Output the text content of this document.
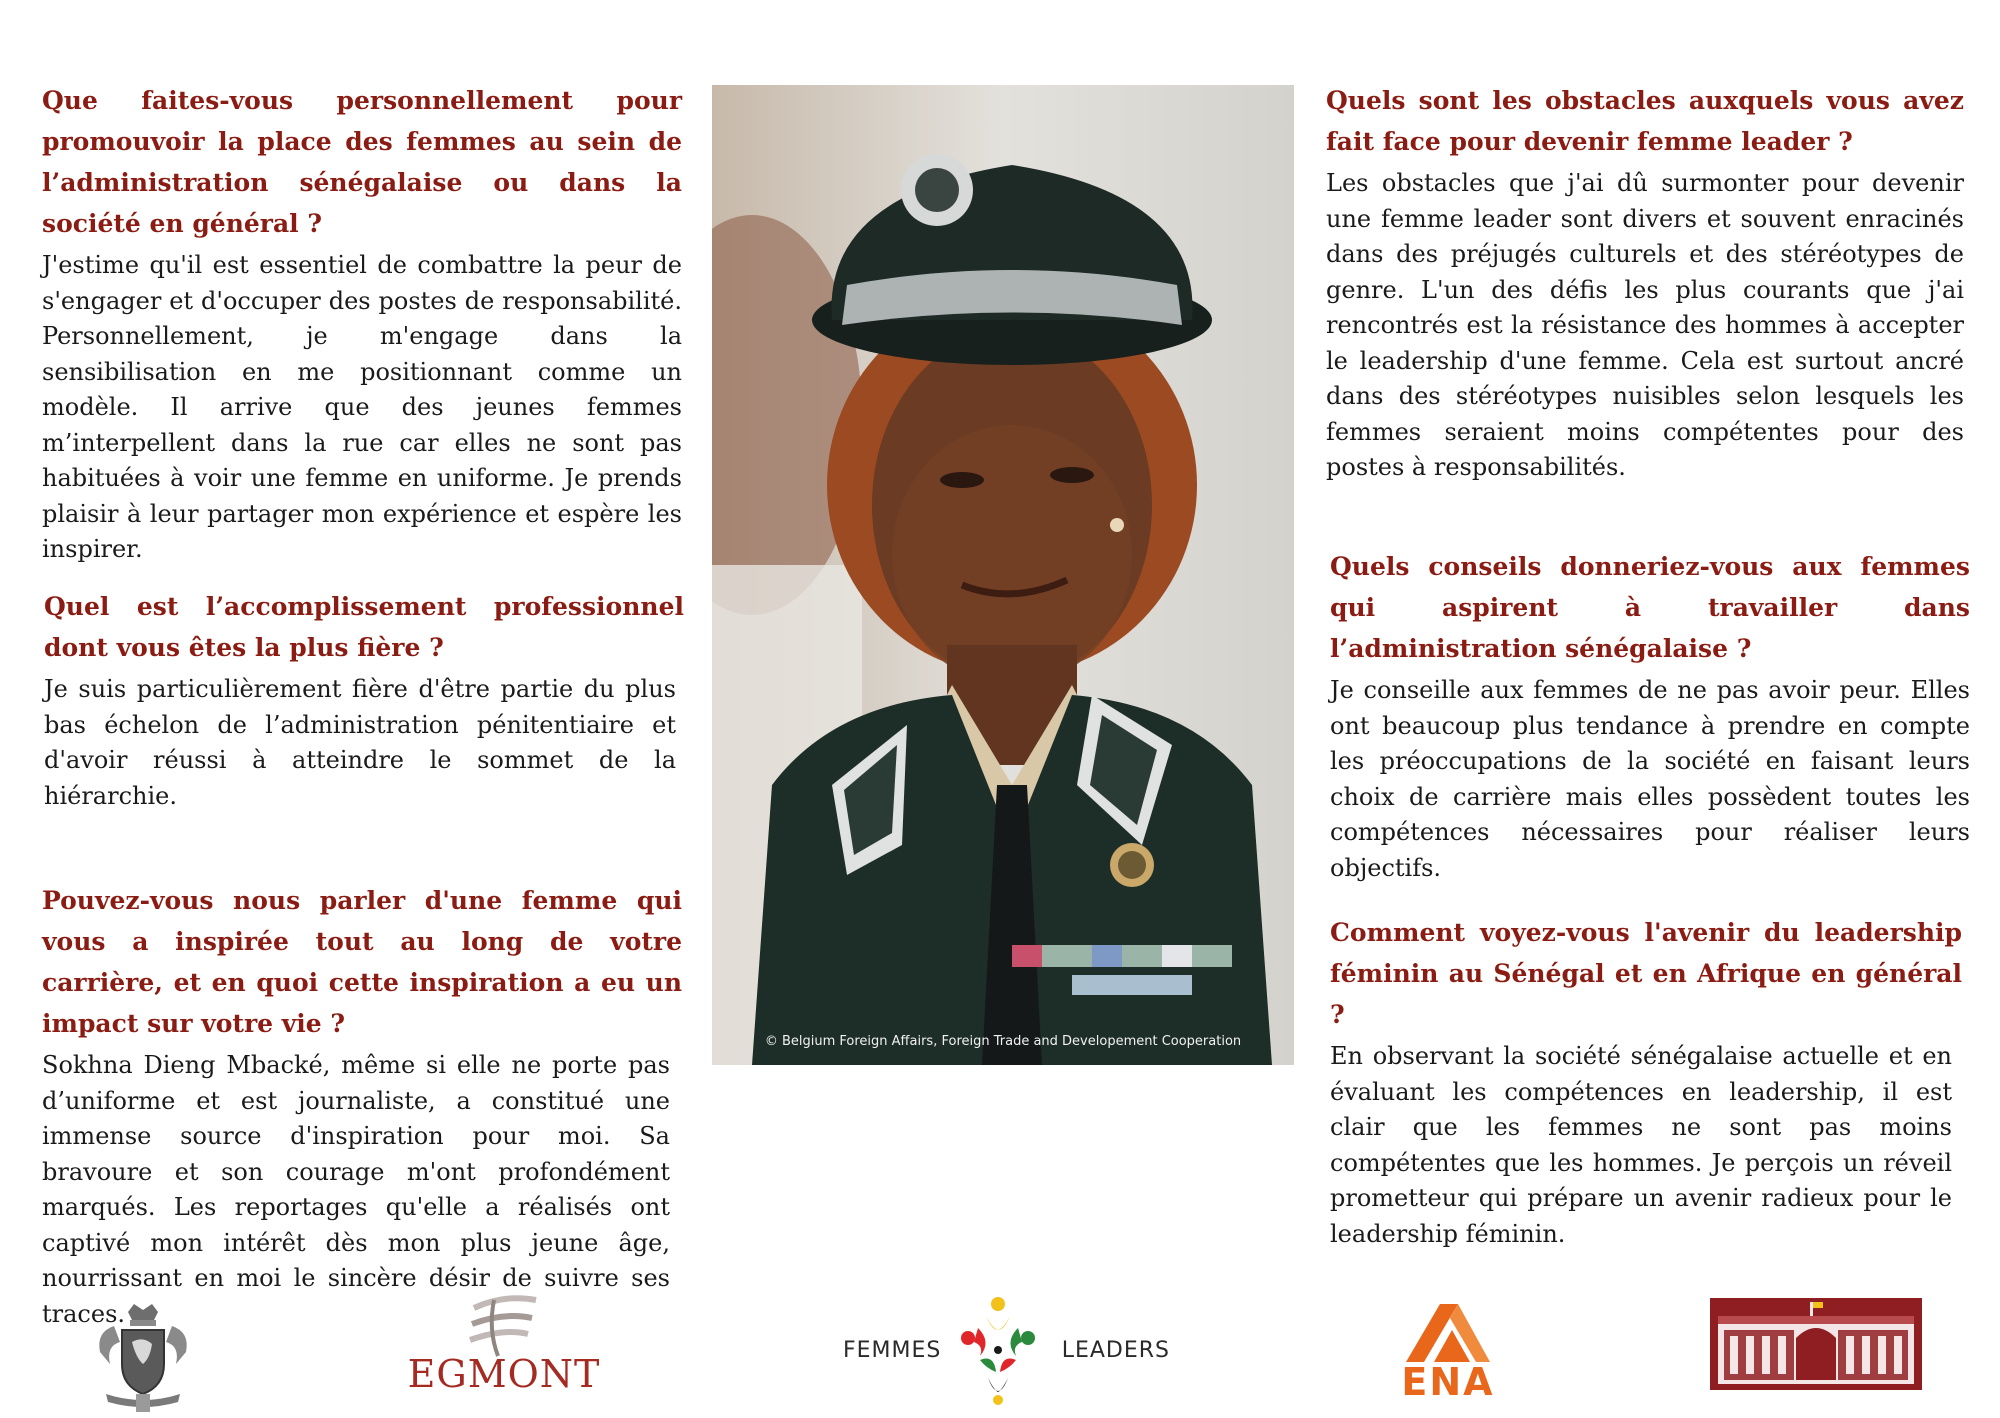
Que faites-vous personnellement pour promouvoir la place des femmes au sein de l’administration sénégalaise ou dans la société en général ?

J'estime qu'il est essentiel de combattre la peur de s'engager et d'occuper des postes de responsabilité. Personnellement, je m'engage dans la sensibilisation en me positionnant comme un modèle. Il arrive que des jeunes femmes m’interpellent dans la rue car elles ne sont pas habituées à voir une femme en uniforme. Je prends plaisir à leur partager mon expérience et espère les inspirer.

Quel est l’accomplissement professionnel dont vous êtes la plus fière ?

Je suis particulièrement fière d'être partie du plus bas échelon de l’administration pénitentiaire et d'avoir réussi à atteindre le sommet de la hiérarchie.

Pouvez-vous nous parler d'une femme qui vous a inspirée tout au long de votre carrière, et en quoi cette inspiration a eu un impact sur votre vie ?

Sokhna Dieng Mbacké, même si elle ne porte pas d’uniforme et est journaliste, a constitué une immense source d'inspiration pour moi. Sa bravoure et son courage m'ont profondément marqués. Les reportages qu'elle a réalisés ont captivé mon intérêt dès mon plus jeune âge, nourrissant en moi le sincère désir de suivre ses traces.

© Belgium Foreign Affairs, Foreign Trade and Developement Cooperation

Quels sont les obstacles auxquels vous avez fait face pour devenir femme leader ?

Les obstacles que j'ai dû surmonter pour devenir une femme leader sont divers et souvent enracinés dans des préjugés culturels et des stéréotypes de genre. L'un des défis les plus courants que j'ai rencontrés est la résistance des hommes à accepter le leadership d'une femme. Cela est surtout ancré dans des stéréotypes nuisibles selon lesquels les femmes seraient moins compétentes pour des postes à responsabilités.

Quels conseils donneriez-vous aux femmes qui aspirent à travailler dans l’administration sénégalaise ?

Je conseille aux femmes de ne pas avoir peur. Elles ont beaucoup plus tendance à prendre en compte les préoccupations de la société en faisant leurs choix de carrière mais elles possèdent toutes les compétences nécessaires pour réaliser leurs objectifs.

Comment voyez-vous l'avenir du leadership féminin au Sénégal et en Afrique en général ?

En observant la société sénégalaise actuelle et en évaluant les compétences en leadership, il est clair que les femmes ne sont pas moins compétentes que les hommes. Je perçois un réveil prometteur qui prépare un avenir radieux pour le leadership féminin.

EGMONT
FEMMES	LEADERS
ENA
